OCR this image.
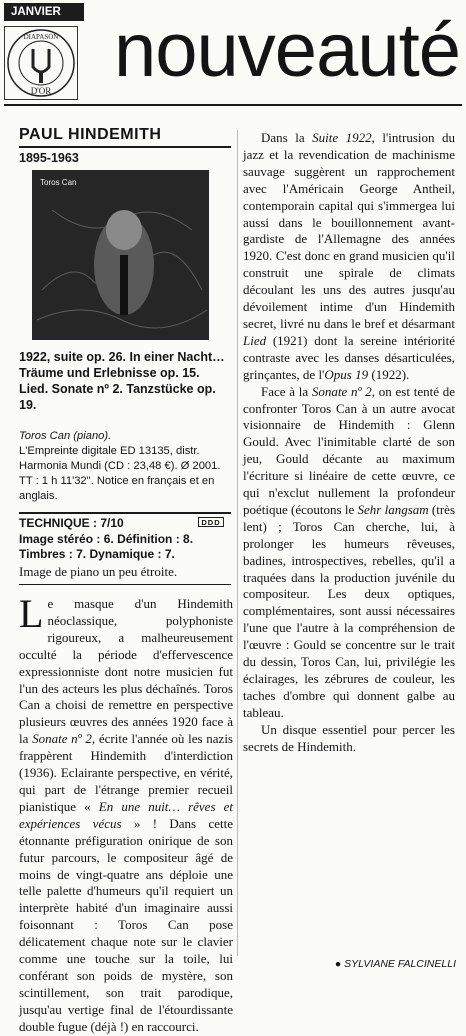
JANVIER
DIAPASON
D'OR nouveauté
PAUL HINDEMITH
1895-1963
Toros Can

1922, suite op. 26. In einer Nacht… Träume und Erlebnisse op. 15. Lied. Sonate nº 2. Tanzstücke op. 19.

Toros Can (piano).
L'Empreinte digitale ED 13135, distr. Harmonia Mundi (CD : 23,48 €). Ø 2001. TT : 1 h 11'32". Notice en français et en anglais.

TECHNIQUE : 7/10
Image stéréo : 6. Définition : 8.
Timbres : 7. Dynamique : 7.

DDD

Image de piano un peu étroite.

Le masque d'un Hindemith néoclassique, polyphoniste rigoureux, a malheureusement occulté la période d'effervescence expressionniste dont notre musicien fut l'un des acteurs les plus déchaînés. Toros Can a choisi de remettre en perspective plusieurs œuvres des années 1920 face à la Sonate nº 2, écrite l'année où les nazis frappèrent Hindemith d'interdiction (1936). Eclairante perspective, en vérité, qui part de l'étrange premier recueil pianistique « En une nuit… rêves et expériences vécus » ! Dans cette étonnante préfiguration onirique de son futur parcours, le compositeur âgé de moins de vingt-quatre ans déploie une telle palette d'humeurs qu'il requiert un interprète habité d'un imaginaire aussi foisonnant : Toros Can pose délicatement chaque note sur le clavier comme une touche sur la toile, lui conférant son poids de mystère, son scintillement, son trait parodique, jusqu'au vertige final de l'étourdissante double fugue (déjà !) en raccourci.

Dans la Suite 1922, l'intrusion du jazz et la revendication de machinisme sauvage suggèrent un rapprochement avec l'Américain George Antheil, contemporain capital qui s'immergea lui aussi dans le bouillonnement avant-gardiste de l'Allemagne des années 1920. C'est donc en grand musicien qu'il construit une spirale de climats découlant les uns des autres jusqu'au dévoilement intime d'un Hindemith secret, livré nu dans le bref et désarmant Lied (1921) dont la sereine intériorité contraste avec les danses désarticulées, grinçantes, de l'Opus 19 (1922).

Face à la Sonate nº 2, on est tenté de confronter Toros Can à un autre avocat visionnaire de Hindemith : Glenn Gould. Avec l'inimitable clarté de son jeu, Gould décante au maximum l'écriture si linéaire de cette œuvre, ce qui n'exclut nullement la profondeur poétique (écoutons le Sehr langsam (très lent) ; Toros Can cherche, lui, à prolonger les humeurs rêveuses, badines, introspectives, rebelles, qu'il a traquées dans la production juvénile du compositeur. Les deux optiques, complémentaires, sont aussi nécessaires l'une que l'autre à la compréhension de l'œuvre : Gould se concentre sur le trait du dessin, Toros Can, lui, privilégie les éclairages, les zébrures de couleur, les taches d'ombre qui donnent galbe au tableau.

Un disque essentiel pour percer les secrets de Hindemith.

● SYLVIANE FALCINELLI
